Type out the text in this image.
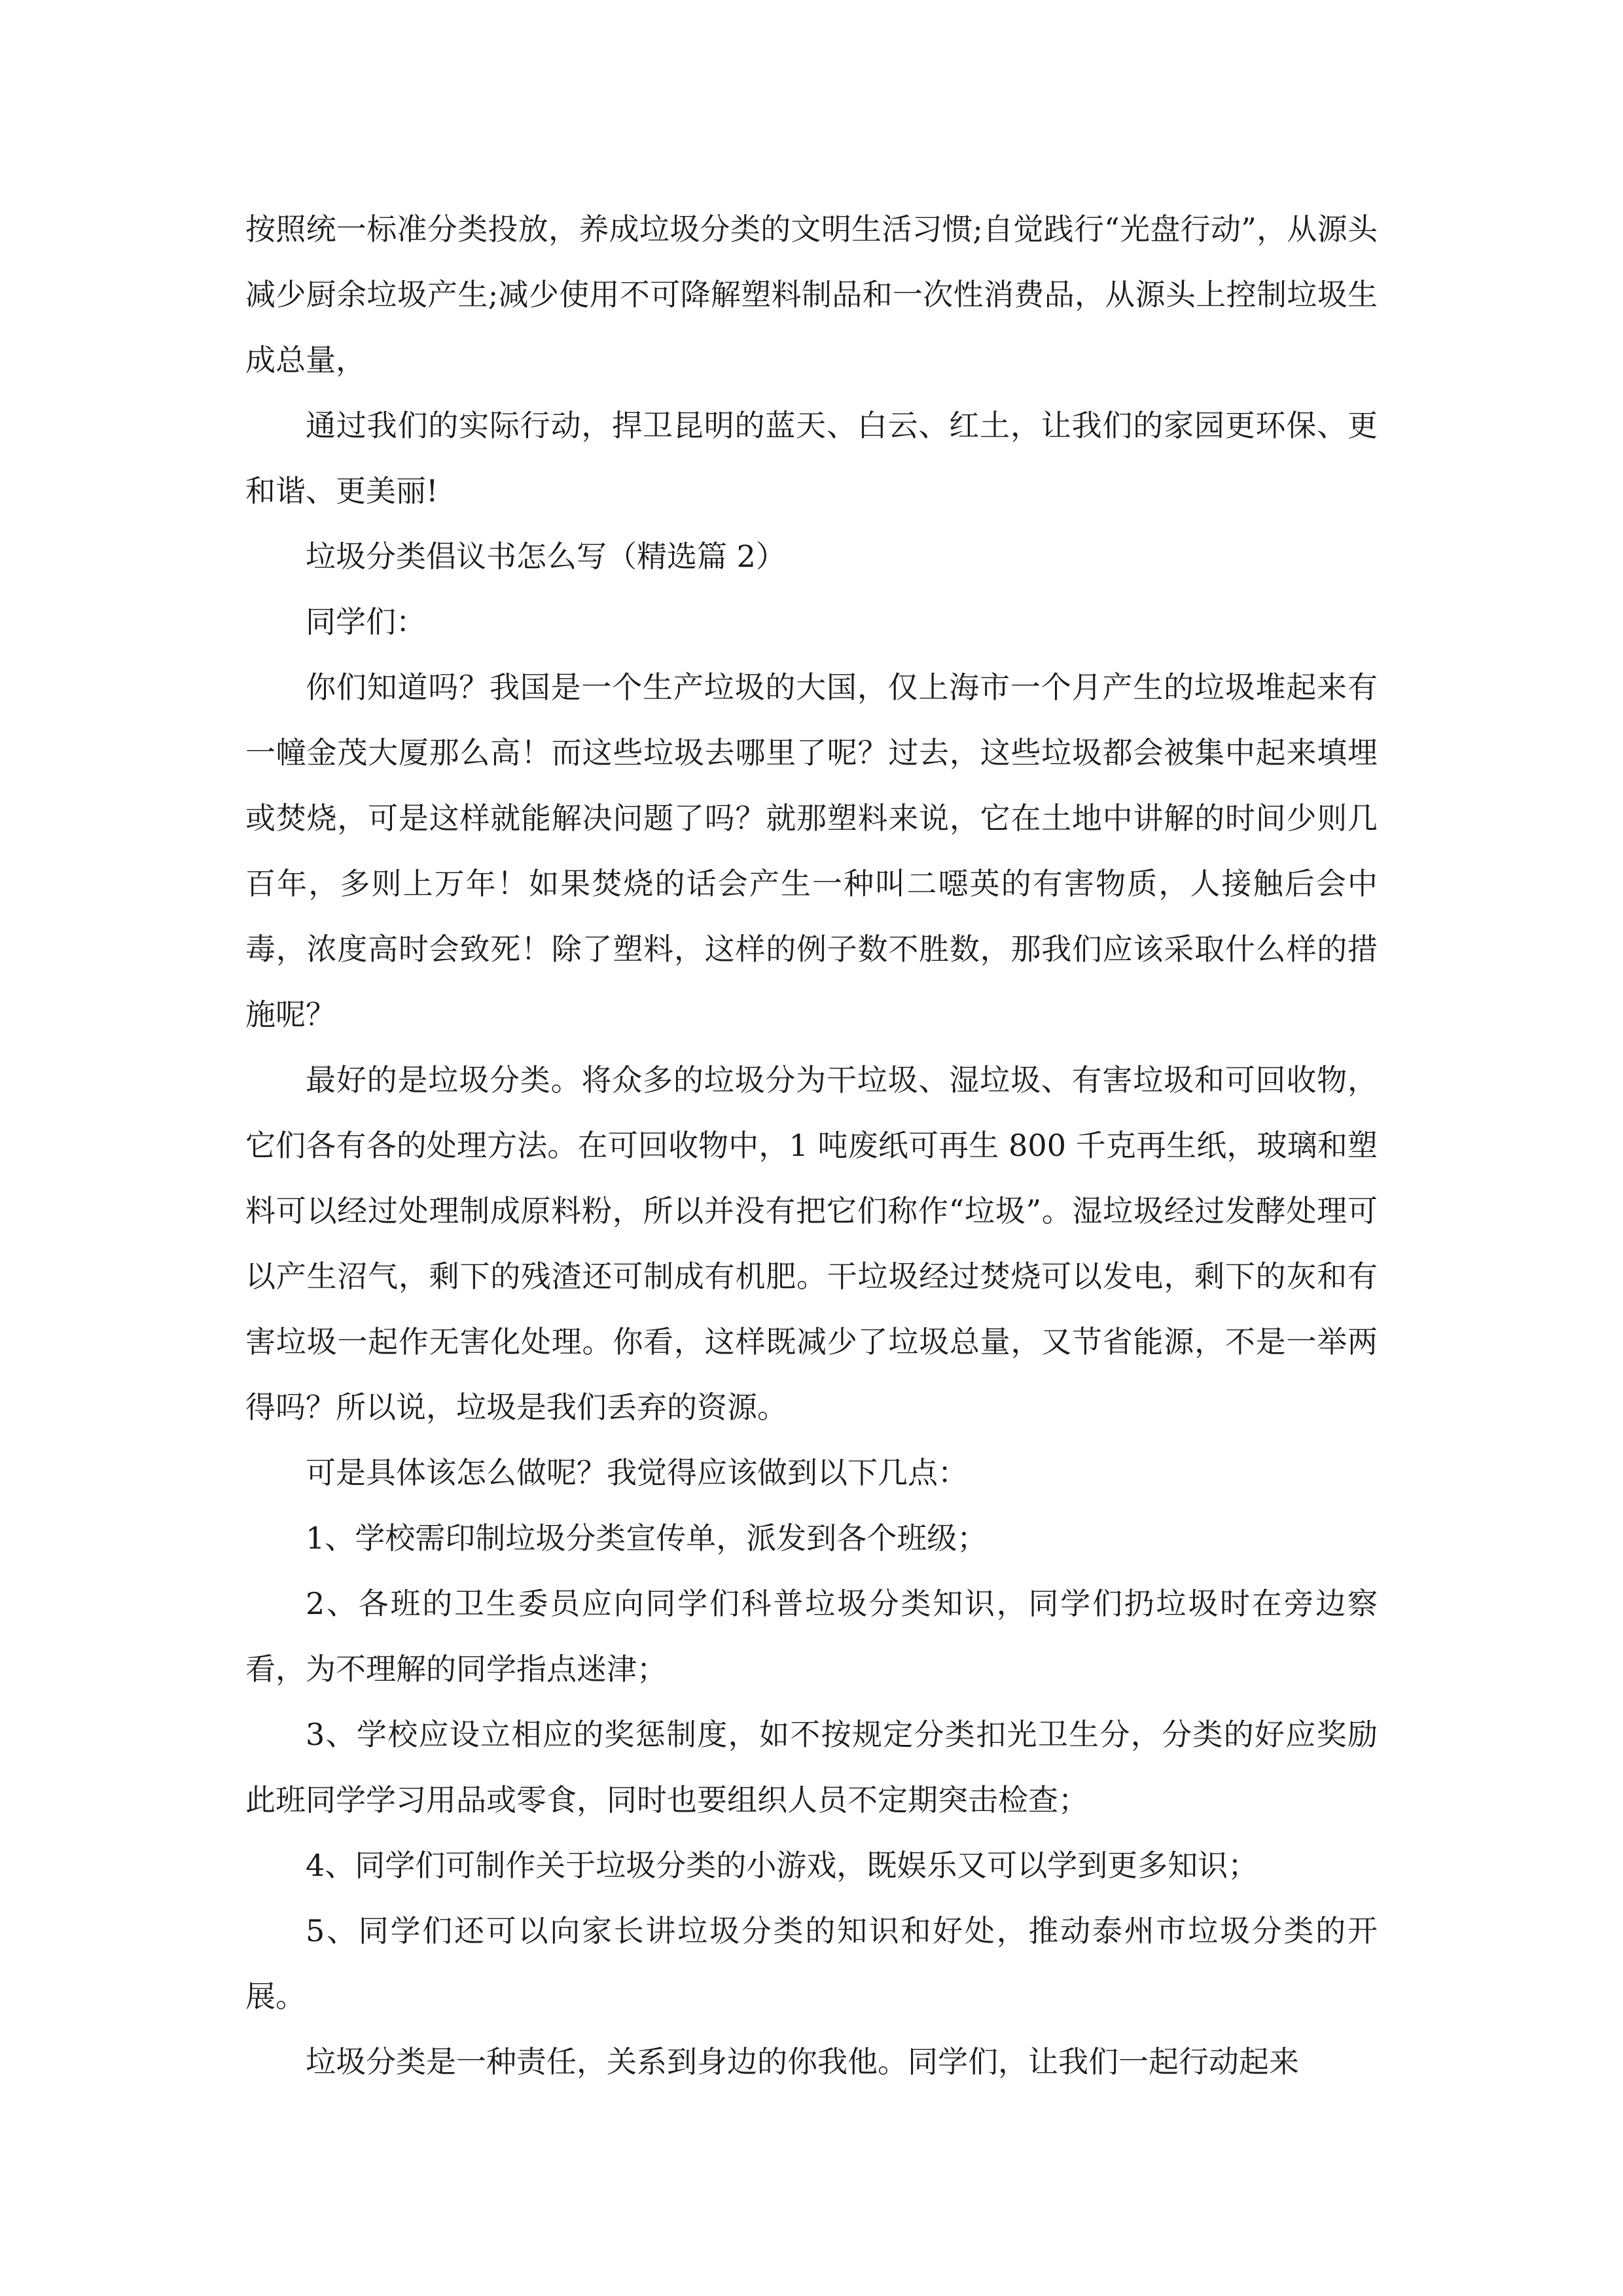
按照统一标准分类投放，养成垃圾分类的文明生活习惯;自觉践行“光盘行动”，从源头减少厨余垃圾产生;减少使用不可降解塑料制品和一次性消费品，从源头上控制垃圾生成总量，

通过我们的实际行动，捍卫昆明的蓝天、白云、红土，让我们的家园更环保、更和谐、更美丽!

垃圾分类倡议书怎么写（精选篇 2）

同学们：

你们知道吗？我国是一个生产垃圾的大国，仅上海市一个月产生的垃圾堆起来有一幢金茂大厦那么高！而这些垃圾去哪里了呢？过去，这些垃圾都会被集中起来填埋或焚烧，可是这样就能解决问题了吗？就那塑料来说，它在土地中讲解的时间少则几百年，多则上万年！如果焚烧的话会产生一种叫二噁英的有害物质，人接触后会中毒，浓度高时会致死！除了塑料，这样的例子数不胜数，那我们应该采取什么样的措施呢？

最好的是垃圾分类。将众多的垃圾分为干垃圾、湿垃圾、有害垃圾和可回收物，它们各有各的处理方法。在可回收物中，1 吨废纸可再生 800 千克再生纸，玻璃和塑料可以经过处理制成原料粉，所以并没有把它们称作“垃圾”。湿垃圾经过发酵处理可以产生沼气，剩下的残渣还可制成有机肥。干垃圾经过焚烧可以发电，剩下的灰和有害垃圾一起作无害化处理。你看，这样既减少了垃圾总量，又节省能源，不是一举两得吗？所以说，垃圾是我们丢弃的资源。

可是具体该怎么做呢？我觉得应该做到以下几点：

1、学校需印制垃圾分类宣传单，派发到各个班级；

2、各班的卫生委员应向同学们科普垃圾分类知识，同学们扔垃圾时在旁边察看，为不理解的同学指点迷津；

3、学校应设立相应的奖惩制度，如不按规定分类扣光卫生分，分类的好应奖励此班同学学习用品或零食，同时也要组织人员不定期突击检查；

4、同学们可制作关于垃圾分类的小游戏，既娱乐又可以学到更多知识；

5、同学们还可以向家长讲垃圾分类的知识和好处，推动泰州市垃圾分类的开展。

垃圾分类是一种责任，关系到身边的你我他。同学们，让我们一起行动起来
